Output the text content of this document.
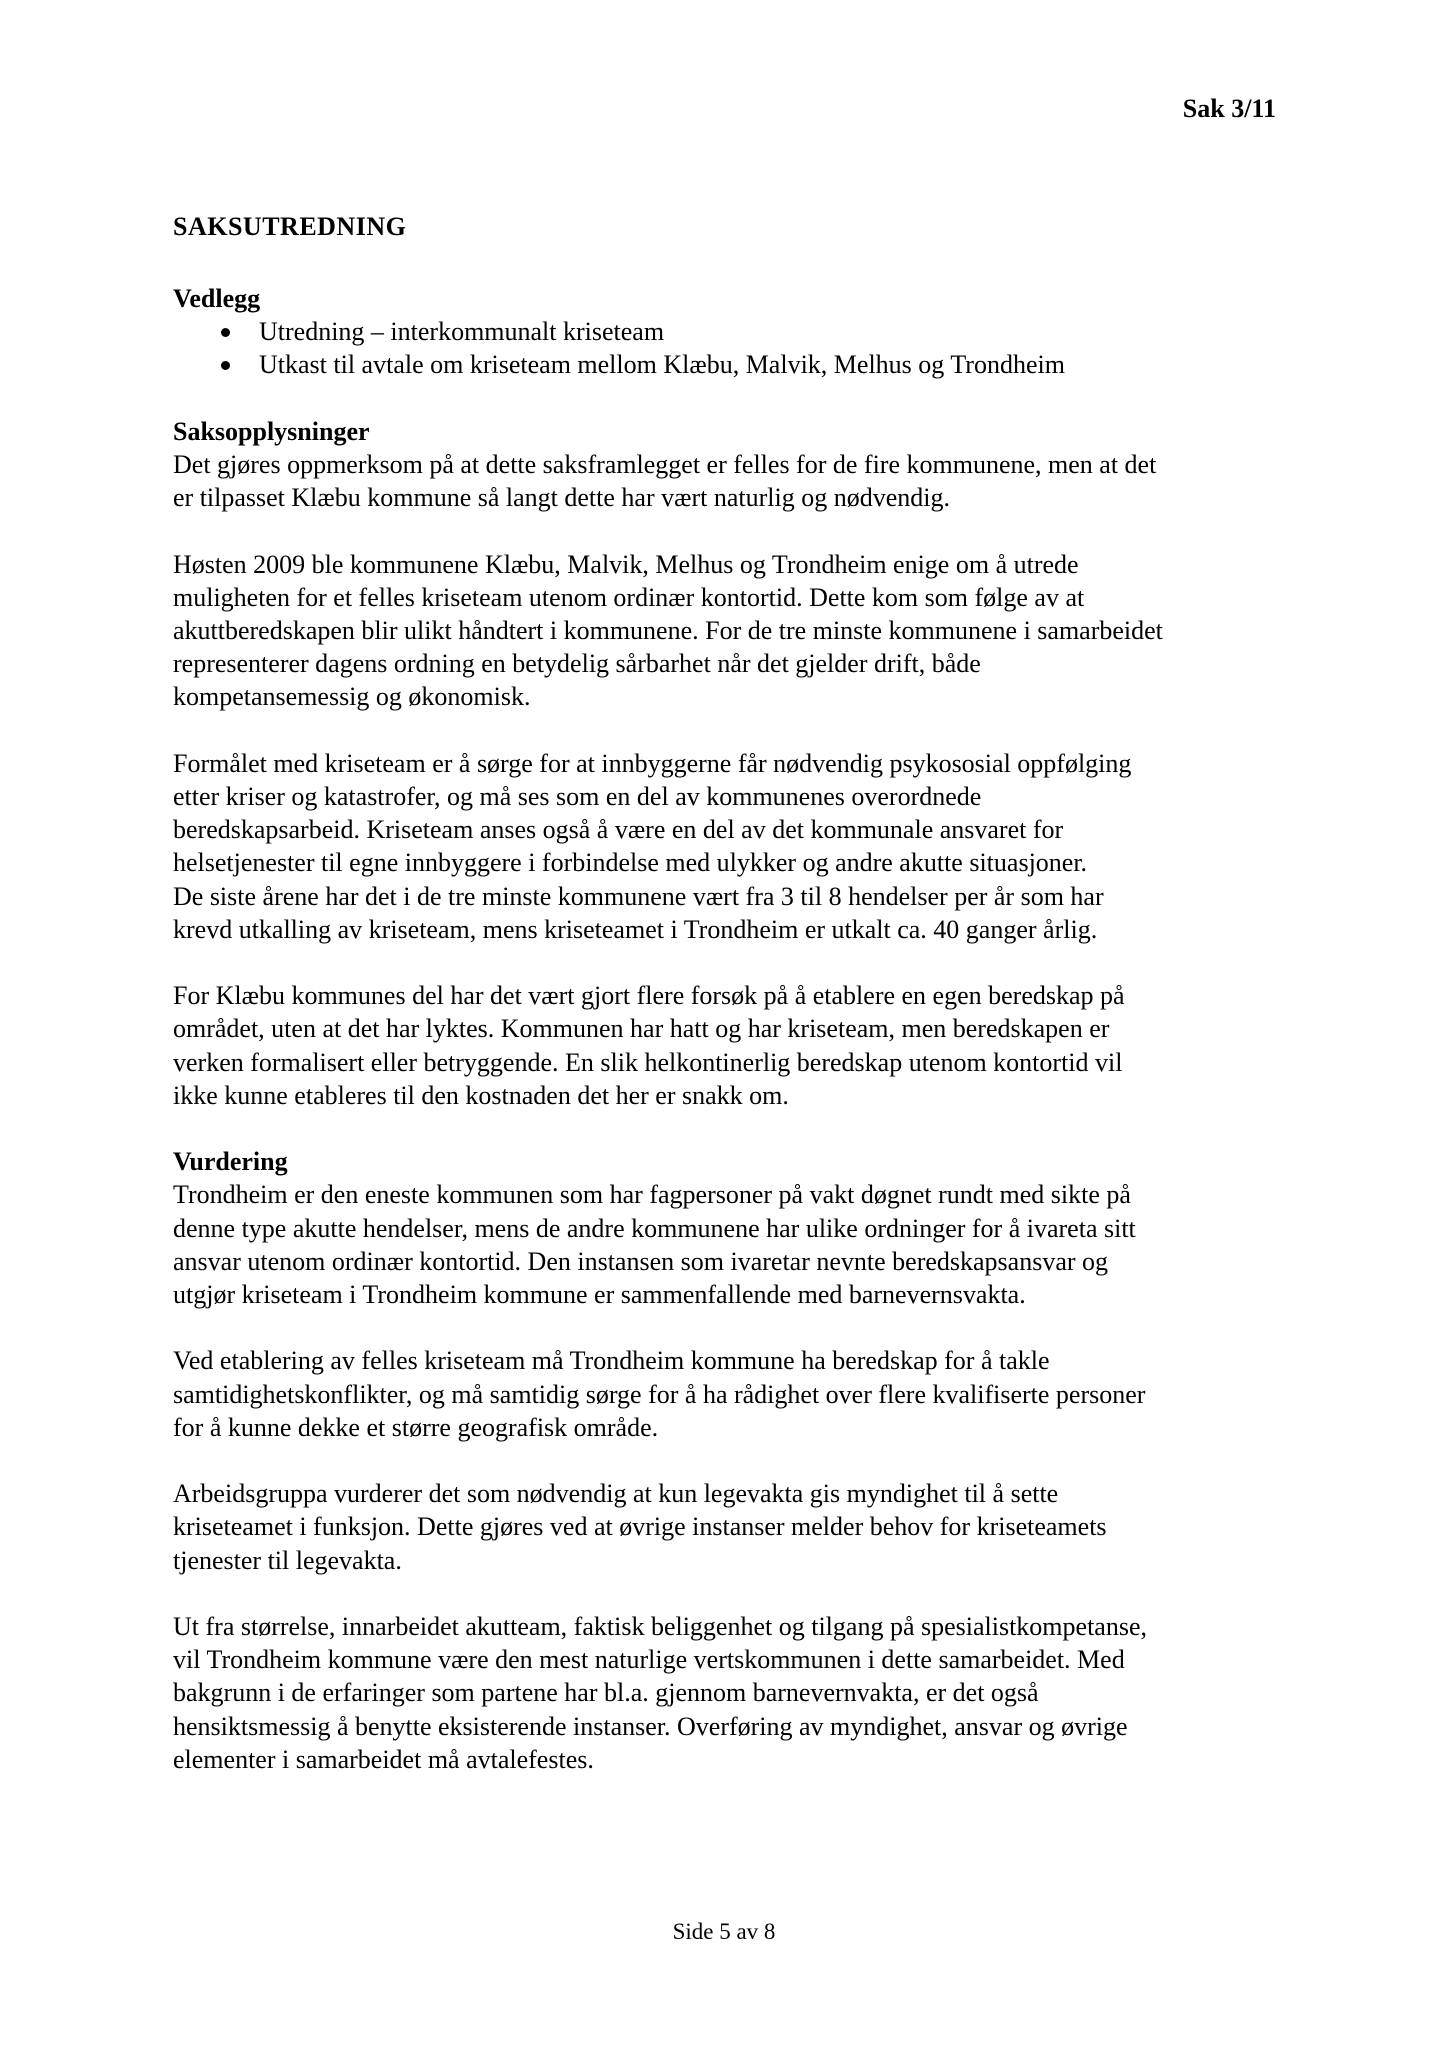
Sak 3/11
SAKSUTREDNING
Vedlegg
Utredning – interkommunalt kriseteam
Utkast til avtale om kriseteam mellom Klæbu, Malvik, Melhus og Trondheim
Saksopplysninger

Det gjøres oppmerksom på at dette saksframlegget er felles for de fire kommunene, men at det
er tilpasset Klæbu kommune så langt dette har vært naturlig og nødvendig.

Høsten 2009 ble kommunene Klæbu, Malvik, Melhus og Trondheim enige om å utrede
muligheten for et felles kriseteam utenom ordinær kontortid. Dette kom som følge av at
akuttberedskapen blir ulikt håndtert i kommunene. For de tre minste kommunene i samarbeidet
representerer dagens ordning en betydelig sårbarhet når det gjelder drift, både
kompetansemessig og økonomisk.

Formålet med kriseteam er å sørge for at innbyggerne får nødvendig psykososial oppfølging
etter kriser og katastrofer, og må ses som en del av kommunenes overordnede
beredskapsarbeid. Kriseteam anses også å være en del av det kommunale ansvaret for
helsetjenester til egne innbyggere i forbindelse med ulykker og andre akutte situasjoner.
De siste årene har det i de tre minste kommunene vært fra 3 til 8 hendelser per år som har
krevd utkalling av kriseteam, mens kriseteamet i Trondheim er utkalt ca. 40 ganger årlig.

For Klæbu kommunes del har det vært gjort flere forsøk på å etablere en egen beredskap på
området, uten at det har lyktes. Kommunen har hatt og har kriseteam, men beredskapen er
verken formalisert eller betryggende. En slik helkontinerlig beredskap utenom kontortid vil
ikke kunne etableres til den kostnaden det her er snakk om.

Vurdering

Trondheim er den eneste kommunen som har fagpersoner på vakt døgnet rundt med sikte på
denne type akutte hendelser, mens de andre kommunene har ulike ordninger for å ivareta sitt
ansvar utenom ordinær kontortid. Den instansen som ivaretar nevnte beredskapsansvar og
utgjør kriseteam i Trondheim kommune er sammenfallende med barnevernsvakta.

Ved etablering av felles kriseteam må Trondheim kommune ha beredskap for å takle
samtidighetskonflikter, og må samtidig sørge for å ha rådighet over flere kvalifiserte personer
for å kunne dekke et større geografisk område.

Arbeidsgruppa vurderer det som nødvendig at kun legevakta gis myndighet til å sette
kriseteamet i funksjon. Dette gjøres ved at øvrige instanser melder behov for kriseteamets
tjenester til legevakta.

Ut fra størrelse, innarbeidet akutteam, faktisk beliggenhet og tilgang på spesialistkompetanse,
vil Trondheim kommune være den mest naturlige vertskommunen i dette samarbeidet. Med
bakgrunn i de erfaringer som partene har bl.a. gjennom barnevernvakta, er det også
hensiktsmessig å benytte eksisterende instanser. Overføring av myndighet, ansvar og øvrige
elementer i samarbeidet må avtalefestes.

Side 5 av 8
